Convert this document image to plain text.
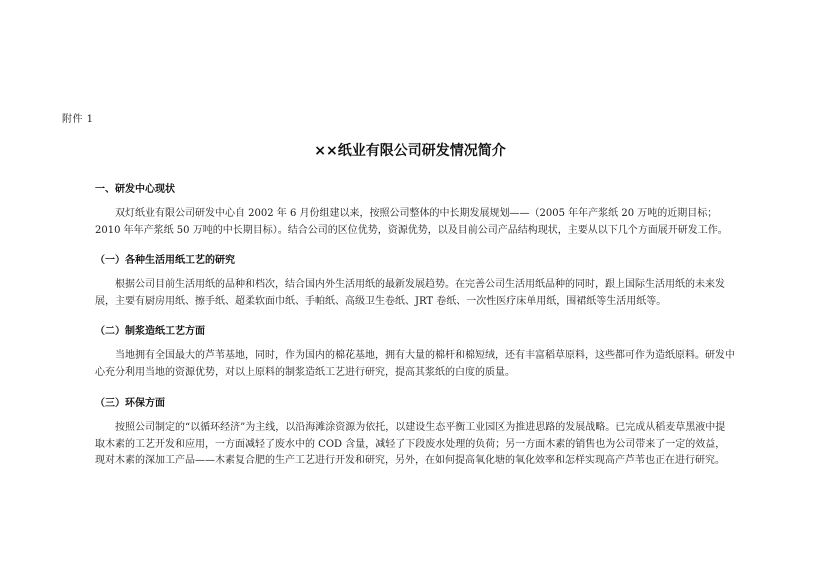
附件 1
××纸业有限公司研发情况简介
一、研发中心现状
双灯纸业有限公司研发中心自 2002 年 6 月份组建以来，按照公司整体的中长期发展规划——（2005 年年产浆纸 20 万吨的近期目标；2010 年年产浆纸 50 万吨的中长期目标）。结合公司的区位优势，资源优势，以及目前公司产品结构现状，主要从以下几个方面展开研发工作。
（一）各种生活用纸工艺的研究
根据公司目前生活用纸的品种和档次，结合国内外生活用纸的最新发展趋势。在完善公司生活用纸品种的同时，跟上国际生活用纸的未来发展，主要有厨房用纸、擦手纸、超柔软面巾纸、手帕纸、高级卫生卷纸、JRT 卷纸、一次性医疗床单用纸，围裙纸等生活用纸等。
（二）制浆造纸工艺方面
当地拥有全国最大的芦苇基地，同时，作为国内的棉花基地，拥有大量的棉杆和棉短绒，还有丰富稻草原料，这些都可作为造纸原料。研发中心充分利用当地的资源优势，对以上原料的制浆造纸工艺进行研究，提高其浆纸的白度的质量。
（三）环保方面
按照公司制定的“以循环经济”为主线，以沿海滩涂资源为依托，以建设生态平衡工业园区为推进思路的发展战略。已完成从稻麦草黑液中提取木素的工艺开发和应用，一方面减轻了废水中的 COD 含量，减轻了下段废水处理的负荷；另一方面木素的销售也为公司带来了一定的效益，现对木素的深加工产品——木素复合肥的生产工艺进行开发和研究，另外，在如何提高氧化塘的氧化效率和怎样实现高产芦苇也正在进行研究。
